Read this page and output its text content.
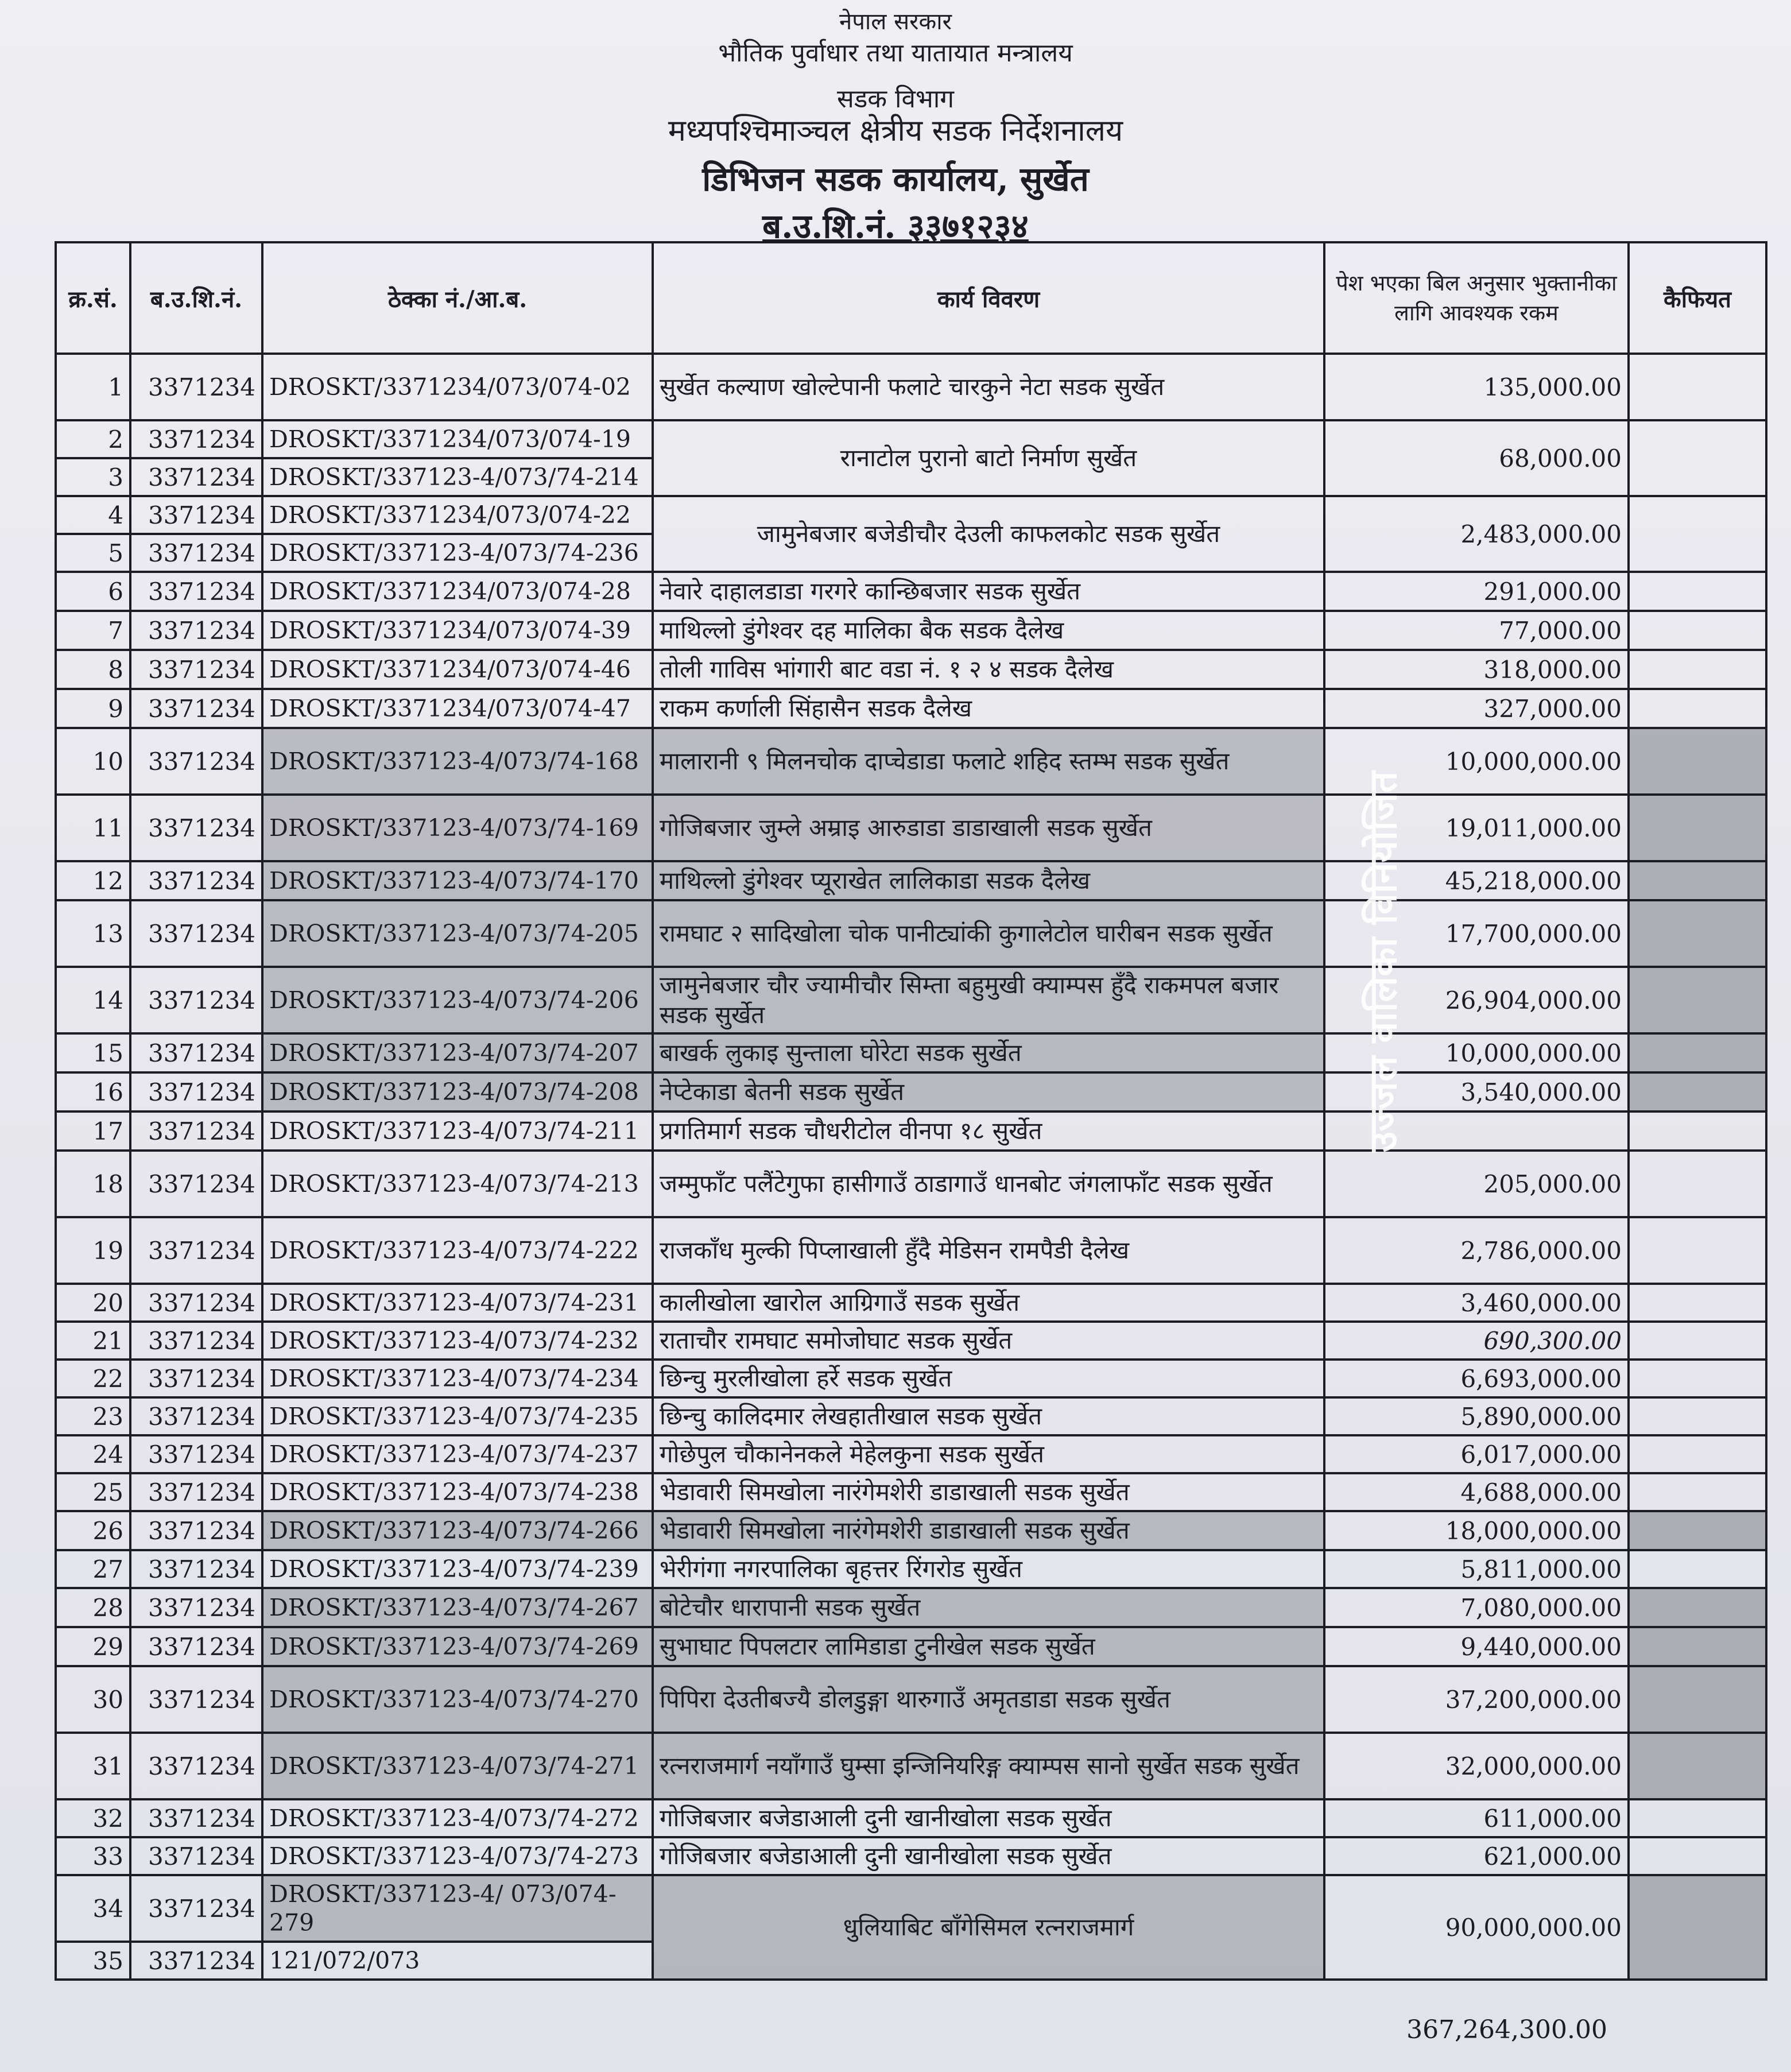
नेपाल सरकार
भौतिक पुर्वाधार तथा यातायात मन्त्रालय
सडक विभाग
मध्यपश्चिमाञ्चल क्षेत्रीय सडक निर्देशनालय
डिभिजन सडक कार्यालय, सुर्खेत
ब.उ.शि.नं. ३३७१२३४
क्र.सं.	ब.उ.शि.नं.	ठेक्का नं./आ.ब.	कार्य विवरण	पेश भएका बिल अनुसार भुक्तानीका लागि आवश्यक रकम	कैफियत
1	3371234	DROSKT/3371234/073/074-02	सुर्खेत कल्याण खोल्टेपानी फलाटे चारकुने नेटा सडक सुर्खेत	135,000.00	
2	3371234	DROSKT/3371234/073/074-19	रानाटोल पुरानो बाटो निर्माण सुर्खेत	68,000.00	
3	3371234	DROSKT/337123-4/073/74-214			
4	3371234	DROSKT/3371234/073/074-22	जामुनेबजार बजेडीचौर देउली काफलकोट सडक सुर्खेत	2,483,000.00	
5	3371234	DROSKT/337123-4/073/74-236			
6	3371234	DROSKT/3371234/073/074-28	नेवारे दाहालडाडा गरगरे कान्छिबजार सडक सुर्खेत	291,000.00	
7	3371234	DROSKT/3371234/073/074-39	माथिल्लो डुंगेश्वर दह मालिका बैक सडक दैलेख	77,000.00	
8	3371234	DROSKT/3371234/073/074-46	तोली गाविस भांगारी बाट वडा नं. १ २ ४ सडक दैलेख	318,000.00	
9	3371234	DROSKT/3371234/073/074-47	राकम कर्णाली सिंहासैन सडक दैलेख	327,000.00	
10	3371234	DROSKT/337123-4/073/74-168	मालारानी ९ मिलनचोक दाप्चेडाडा फलाटे शहिद स्तम्भ सडक सुर्खेत	10,000,000.00	
11	3371234	DROSKT/337123-4/073/74-169	गोजिबजार जुम्ले अम्राइ आरुडाडा डाडाखाली सडक सुर्खेत	19,011,000.00	
12	3371234	DROSKT/337123-4/073/74-170	माथिल्लो डुंगेश्वर प्यूराखेत लालिकाडा सडक दैलेख	45,218,000.00	
13	3371234	DROSKT/337123-4/073/74-205	रामघाट २ सादिखोला चोक पानीट्यांकी कुगालेटोल घारीबन सडक सुर्खेत	17,700,000.00	
14	3371234	DROSKT/337123-4/073/74-206	जामुनेबजार चौर ज्यामीचौर सिम्ता बहुमुखी क्याम्पस हुँदै राकमपल बजार सडक सुर्खेत	26,904,000.00	
15	3371234	DROSKT/337123-4/073/74-207	बाखर्क लुकाइ सुन्ताला घोरेटा सडक सुर्खेत	10,000,000.00	
16	3371234	DROSKT/337123-4/073/74-208	नेप्टेकाडा बेतनी सडक सुर्खेत	3,540,000.00	
17	3371234	DROSKT/337123-4/073/74-211	प्रगतिमार्ग सडक चौधरीटोल वीनपा १८ सुर्खेत		
18	3371234	DROSKT/337123-4/073/74-213	जम्मुफाँट पलैंटेगुफा हासीगाउँ ठाडागाउँ धानबोट जंगलाफाँट सडक सुर्खेत	205,000.00	
19	3371234	DROSKT/337123-4/073/74-222	राजकाँध मुल्की पिप्लाखाली हुँदै मेडिसन रामपैडी दैलेख	2,786,000.00	
20	3371234	DROSKT/337123-4/073/74-231	कालीखोला खारोल आग्रिगाउँ सडक सुर्खेत	3,460,000.00	
21	3371234	DROSKT/337123-4/073/74-232	राताचौर रामघाट समोजोघाट सडक सुर्खेत	690,300.00	
22	3371234	DROSKT/337123-4/073/74-234	छिन्चु मुरलीखोला हर्रे सडक सुर्खेत	6,693,000.00	
23	3371234	DROSKT/337123-4/073/74-235	छिन्चु कालिदमार लेखहातीखाल सडक सुर्खेत	5,890,000.00	
24	3371234	DROSKT/337123-4/073/74-237	गोछेपुल चौकानेनकले मेहेलकुना सडक सुर्खेत	6,017,000.00	
25	3371234	DROSKT/337123-4/073/74-238	भेडावारी सिमखोला नारंगेमशेरी डाडाखाली सडक सुर्खेत	4,688,000.00	
26	3371234	DROSKT/337123-4/073/74-266	भेडावारी सिमखोला नारंगेमशेरी डाडाखाली सडक सुर्खेत	18,000,000.00	
27	3371234	DROSKT/337123-4/073/74-239	भेरीगंगा नगरपालिका बृहत्तर रिंगरोड सुर्खेत	5,811,000.00	
28	3371234	DROSKT/337123-4/073/74-267	बोटेचौर धारापानी सडक सुर्खेत	7,080,000.00	
29	3371234	DROSKT/337123-4/073/74-269	सुभाघाट पिपलटार लामिडाडा टुनीखेल सडक सुर्खेत	9,440,000.00	
30	3371234	DROSKT/337123-4/073/74-270	पिपिरा देउतीबज्यै डोलडुङ्गा थारुगाउँ अमृतडाडा सडक सुर्खेत	37,200,000.00	
31	3371234	DROSKT/337123-4/073/74-271	रत्नराजमार्ग नयाँगाउँ घुम्सा इन्जिनियरिङ्ग क्याम्पस सानो सुर्खेत सडक सुर्खेत	32,000,000.00	
32	3371234	DROSKT/337123-4/073/74-272	गोजिबजार बजेडाआली दुनी खानीखोला सडक सुर्खेत	611,000.00	
33	3371234	DROSKT/337123-4/073/74-273	गोजिबजार बजेडाआली दुनी खानीखोला सडक सुर्खेत	621,000.00	
34	3371234	DROSKT/337123-4/ 073/074-279	धुलियाबिट बाँगेसिमल रत्नराजमार्ग	90,000,000.00	
35	3371234	121/072/073			
उज्जल वालिका विनियोजित
367,264,300.00
